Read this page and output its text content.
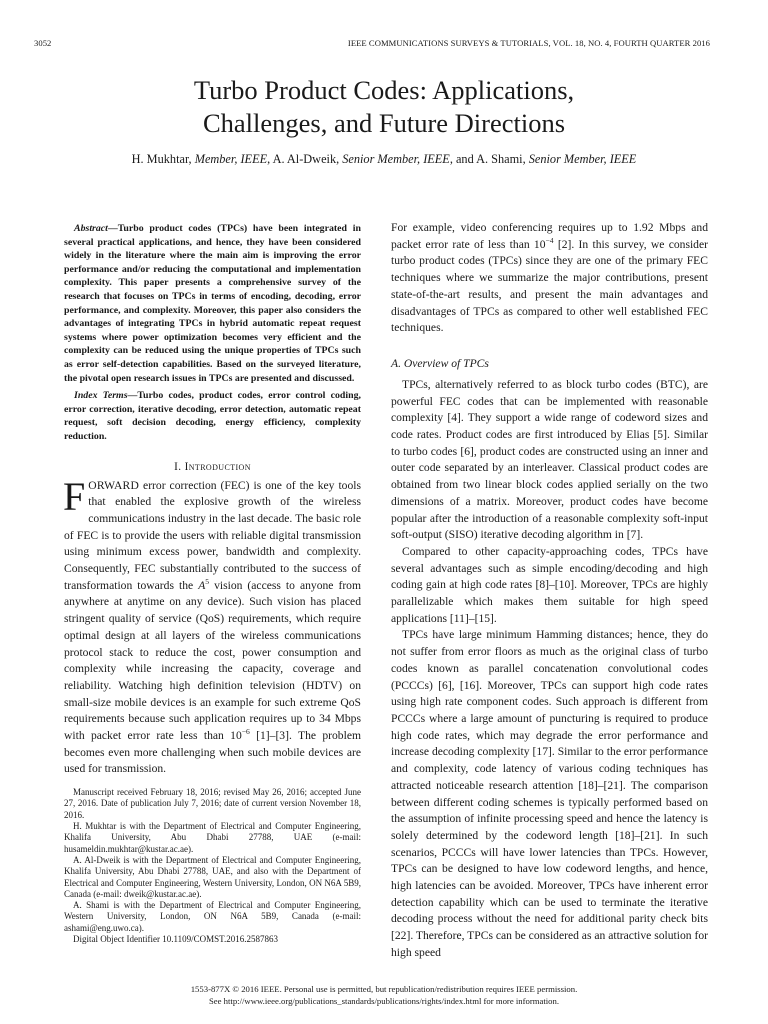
3052	IEEE COMMUNICATIONS SURVEYS & TUTORIALS, VOL. 18, NO. 4, FOURTH QUARTER 2016
Turbo Product Codes: Applications,
Challenges, and Future Directions
H. Mukhtar, Member, IEEE, A. Al-Dweik, Senior Member, IEEE, and A. Shami, Senior Member, IEEE

Abstract—Turbo product codes (TPCs) have been integrated in several practical applications, and hence, they have been considered widely in the literature where the main aim is improving the error performance and/or reducing the computational and implementation complexity. This paper presents a comprehensive survey of the research that focuses on TPCs in terms of encoding, decoding, error performance, and complexity. Moreover, this paper also considers the advantages of integrating TPCs in hybrid automatic repeat request systems where power optimization becomes very efficient and the complexity can be reduced using the unique properties of TPCs such as error self-detection capabilities. Based on the surveyed literature, the pivotal open research issues in TPCs are presented and discussed.

Index Terms—Turbo codes, product codes, error control coding, error correction, iterative decoding, error detection, automatic repeat request, soft decision decoding, energy efficiency, complexity reduction.

I. Introduction

FORWARD error correction (FEC) is one of the key tools that enabled the explosive growth of the wireless communications industry in the last decade. The basic role of FEC is to provide the users with reliable digital transmission using minimum excess power, bandwidth and complexity. Consequently, FEC substantially contributed to the success of transformation towards the $A^5$ vision (access to anyone from anywhere at anytime on any device). Such vision has placed stringent quality of service (QoS) requirements, which require optimal design at all layers of the wireless communications protocol stack to reduce the cost, power consumption and complexity while increasing the capacity, coverage and reliability. Watching high definition television (HDTV) on small-size mobile devices is an example for such extreme QoS requirements because such application requires up to 34 Mbps with packet error rate less than $10^{-6}$ [1]–[3]. The problem becomes even more challenging when such mobile devices are used for transmission.

Manuscript received February 18, 2016; revised May 26, 2016; accepted June 27, 2016. Date of publication July 7, 2016; date of current version November 18, 2016.

H. Mukhtar is with the Department of Electrical and Computer Engineering, Khalifa University, Abu Dhabi 27788, UAE (e-mail: husameldin.mukhtar@kustar.ac.ae).

A. Al-Dweik is with the Department of Electrical and Computer Engineering, Khalifa University, Abu Dhabi 27788, UAE, and also with the Department of Electrical and Computer Engineering, Western University, London, ON N6A 5B9, Canada (e-mail: dweik@kustar.ac.ae).

A. Shami is with the Department of Electrical and Computer Engineering, Western University, London, ON N6A 5B9, Canada (e-mail: ashami@eng.uwo.ca).

Digital Object Identifier 10.1109/COMST.2016.2587863

For example, video conferencing requires up to 1.92 Mbps and packet error rate of less than $10^{-4}$ [2]. In this survey, we consider turbo product codes (TPCs) since they are one of the primary FEC techniques where we summarize the major contributions, present state-of-the-art results, and present the main advantages and disadvantages of TPCs as compared to other well established FEC techniques.

A. Overview of TPCs

TPCs, alternatively referred to as block turbo codes (BTC), are powerful FEC codes that can be implemented with reasonable complexity [4]. They support a wide range of codeword sizes and code rates. Product codes are first introduced by Elias [5]. Similar to turbo codes [6], product codes are constructed using an inner and outer code separated by an interleaver. Classical product codes are obtained from two linear block codes applied serially on the two dimensions of a matrix. Moreover, product codes have become popular after the introduction of a reasonable complexity soft-input soft-output (SISO) iterative decoding algorithm in [7].

Compared to other capacity-approaching codes, TPCs have several advantages such as simple encoding/decoding and high coding gain at high code rates [8]–[10]. Moreover, TPCs are highly parallelizable which makes them suitable for high speed applications [11]–[15].

TPCs have large minimum Hamming distances; hence, they do not suffer from error floors as much as the original class of turbo codes known as parallel concatenation convolutional codes (PCCCs) [6], [16]. Moreover, TPCs can support high code rates using high rate component codes. Such approach is different from PCCCs where a large amount of puncturing is required to produce high code rates, which may degrade the error performance and increase decoding complexity [17]. Similar to the error performance and complexity, code latency of various coding techniques has attracted noticeable research attention [18]–[21]. The comparison between different coding schemes is typically performed based on the assumption of infinite processing speed and hence the latency is solely determined by the codeword length [18]–[21]. In such scenarios, PCCCs will have lower latencies than TPCs. However, TPCs can be designed to have low codeword lengths, and hence, high latencies can be avoided. Moreover, TPCs have inherent error detection capability which can be used to terminate the iterative decoding process without the need for additional parity check bits [22]. Therefore, TPCs can be considered as an attractive solution for high speed

1553-877X © 2016 IEEE. Personal use is permitted, but republication/redistribution requires IEEE permission.
See http://www.ieee.org/publications_standards/publications/rights/index.html for more information.
